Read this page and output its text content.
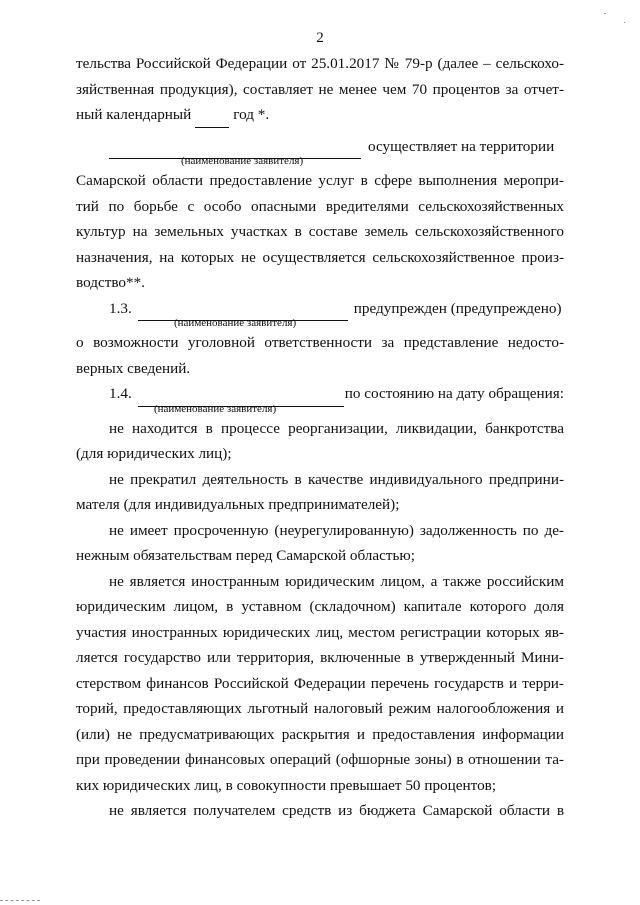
2
тельства Российской Федерации от 25.01.2017 № 79-р (далее – сельскохо-
зяйственная продукция), составляет не менее чем 70 процентов за отчет-
ный календарный	год *.
осуществляет на территории
(наименование заявителя)
Самарской области предоставление услуг в сфере выполнения меропри-
тий по борьбе с особо опасными вредителями сельскохозяйственных
культур на земельных участках в составе земель сельскохозяйственного
назначения, на которых не осуществляется сельскохозяйственное произ-
водство**.
1.3.	предупрежден (предупреждено)
(наименование заявителя)
о возможности уголовной ответственности за представление недосто-
верных сведений.
1.4.	по состоянию на дату обращения:
(наименование заявителя)
не находится в процессе реорганизации, ликвидации, банкротства
(для юридических лиц);
не прекратил деятельность в качестве индивидуального предприни-
мателя (для индивидуальных предпринимателей);
не имеет просроченную (неурегулированную) задолженность по де-
нежным обязательствам перед Самарской областью;
не является иностранным юридическим лицом, а также российским
юридическим лицом, в уставном (складочном) капитале которого доля
участия иностранных юридических лиц, местом регистрации которых яв-
ляется государство или территория, включенные в утвержденный Мини-
стерством финансов Российской Федерации перечень государств и терри-
торий, предоставляющих льготный налоговый режим налогообложения и
(или) не предусматривающих раскрытия и предоставления информации
при проведении финансовых операций (офшорные зоны) в отношении та-
ких юридических лиц, в совокупности превышает 50 процентов;
не является получателем средств из бюджета Самарской области в
